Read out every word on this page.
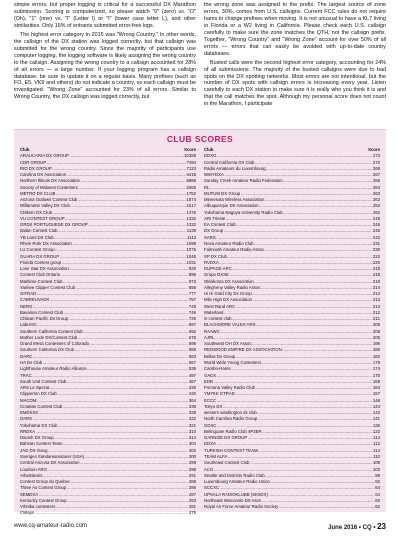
simple errors, but proper logging is critical for a successful DX Marathon submission. Scoring is computerized, so please watch "0" (zero) vs. "O" (Oh), "1" (one) vs. "l" (Letter l) or "I" (lower case letter L), and other similarities. Only 16% of entrants submitted error-free logs.

The highest error category in 2015 was "Wrong Country." In other words, the callsign of the DX station was logged correctly, but that callsign was submitted for the wrong country. Since the majority of participants use computer logging, the logging software is likely assigning the wrong country to the callsign. Assigning the wrong country to a callsign accounted for 28% of all errors — a large number. If your logging program has a callsign database, be sure to update it on a regular basis. Many prefixes (such as FO, E5, VK9 and others) do not indicate a country, so each callsign must be investigated. "Wrong Zone" accounted for 23% of all errors. Similar to Wrong Country, the DX callsign was logged correctly, but

the wrong zone was assigned to the prefix. The largest source of zone errors, 30%, comes from U.S. callsigns. Current FCC rules do not require hams to change prefixes when moving. It is not unusual to have a KL7 living in Florida or a W2 living in California. Please check each U.S. callsign carefully to make sure the zone matches the QTH, not the callsign prefix. Together, "Wrong Country" and "Wrong Zone" account for over 50% of all errors — errors that can easily be avoided with up-to-date country databases.

Busted calls were the second highest error category, accounting for 24% of all submissions. The majority of the busted callsigns were due to bad spots on the DX spotting networks. Most errors are not intentional, but the number of DX spots with callsign errors is increasing every year. Listen carefully to each DX station to make sure it is really who you think it is and that the call matches the spot. Although my personal score does not count in the Marathon, I participate

CLUB SCORES
Club	Score
ARAUCARIA DX GROUP .....	10359
CDR GROUP .....	7494
RIO DX GROUP .....	7123
Carolina DX Association .....	6419
Northern Illinois DX Association .....	5886
Society of Midwest Contesters .....	2265
METRO DX CLUB .....	1752
Arizona Outlaws Contest Club .....	1574
Willamette Valley DX Club .....	1517
Chiltern DX Club .....	1376
VU CONTEST GROUP .....	1332
GRDX PORTUGUESE DX GROUP .....	1332
Italian Contest Club .....	1138
YB Land DX Club .....	1113
Rhein Ruhr DX Association .....	1096
LU Contest Group .....	1075
GUARA DX GROUP .....	1045
Florida Contest group .....	1031
Lone Star DX Association .....	929
Contest Club Ontario .....	896
Maritime Contest Club .....	873
Yankee Clipper Contest Club .....	856
GITRAD .....	777
CABREUVADX .....	757
NERG .....	749
Bavarian Contest Club .....	746
Chilean Pacific Dx Group .....	739
LabreSC .....	697
Southern California Contest Club .....	692
Mother Lode DX/Contest Club .....	676
Grand Mesa Contesters of Colorado .....	595
Southern California DX Club .....	585
DARC .....	583
HA Dx Club .....	567
Lighthouse Amateur Radio Alliance .....	535
TRAC .....	497
South Ural Contest Club .....	467
ARS Le Spezia .....	436
Clipperton DX Club .....	430
MACOM .....	364
Croatian Contest Club .....	339
EMDXSS .....	328
DARS .....	322
Yokohama DX Club .....	321
RRDXA .....	310
Danish DX Group .....	314
Bahrain Contest Team .....	304
JAG DX-Gang .....	302
Sveriges Sandareamatorer (SSA) .....	300
Central Arizona DX Association .....	299
Loudoun ARG .....	295
Arbeitskreis .....	291
Contest Group du Quebec .....	288
Three As Contest Group .....	286
SEMDXA .....	287
Kentucky Contest Group .....	283
Vrhnika contesters .....	281
CWops .....	279
Club	Score
DDXG .....	273
Central California DX Club .....	272
Radio Amateurs du Luxembourg .....	269
WWYDXA .....	267
Sunday Creek Amateur Radio Federation .....	266
RL .....	264
MUTUM DX Group .....	263
Minnesota Wireless Association .....	262
Albuquerque DX Association .....	253
Yokohama Nagoya University Radio Club .....	252
ARI Trieste .....	245
EA Contest Club .....	245
DX Group .....	245
SARS .....	242
Nova Amateur Radio Club .....	231
Falmouth Amateur Radio Assoc. .....	230
SP DX Club .....	222
RVDXA .....	220
DUPAGE ARC .....	218
Grupo DXXE .....	218
Oklahoma DX Association .....	218
Allegheny Valley Radio Assoc .....	214
Hi Hi Gold City Dx Group .....	213
Mile High DX Association .....	213
West Rand ARC .....	213
Waterland .....	212
in contest club .....	211
BLACKMORE VALES ARS .....	208
RAAWC .....	208
AJRL .....	205
Southwest OH DX Assoc. .....	196
REDWOOD EMPIRE DX ASSOCIATION .....	186
Bellas Dx Group .....	182
World Wide Young Contesters .....	179
Cambo-Hams .....	174
GADX .....	170
EDR .....	168
Pomona Valley Radio Club .....	164
YM7KK GTRAD .....	157
ECCC .....	148
Tokyo DX .....	144
western washington dx club .....	142
North Carolina Radio Group .....	141
GDXC .....	136
Belinquam Radio Club 4P3ER .....	122
GARNIZE DX GROUP .....	114
DDXA .....	112
TURKISH CONTEST TEAM .....	114
TEAM ALFA .....	110
Southeast Contest Club .....	109
ACG .....	102
Seattle and Districts Radio Club .....	96
Luxembourg Amateur Radio Union .....	92
SCCXC .....	64
UPSALA RADIOKLUBB (SK0DX) .....	64
Northeast Wisconsin DX Assn .....	60
Royal Air Force Amateur Radio Society .....	52
www.cq-amateur-radio.com	June 2016 • CQ • 23
